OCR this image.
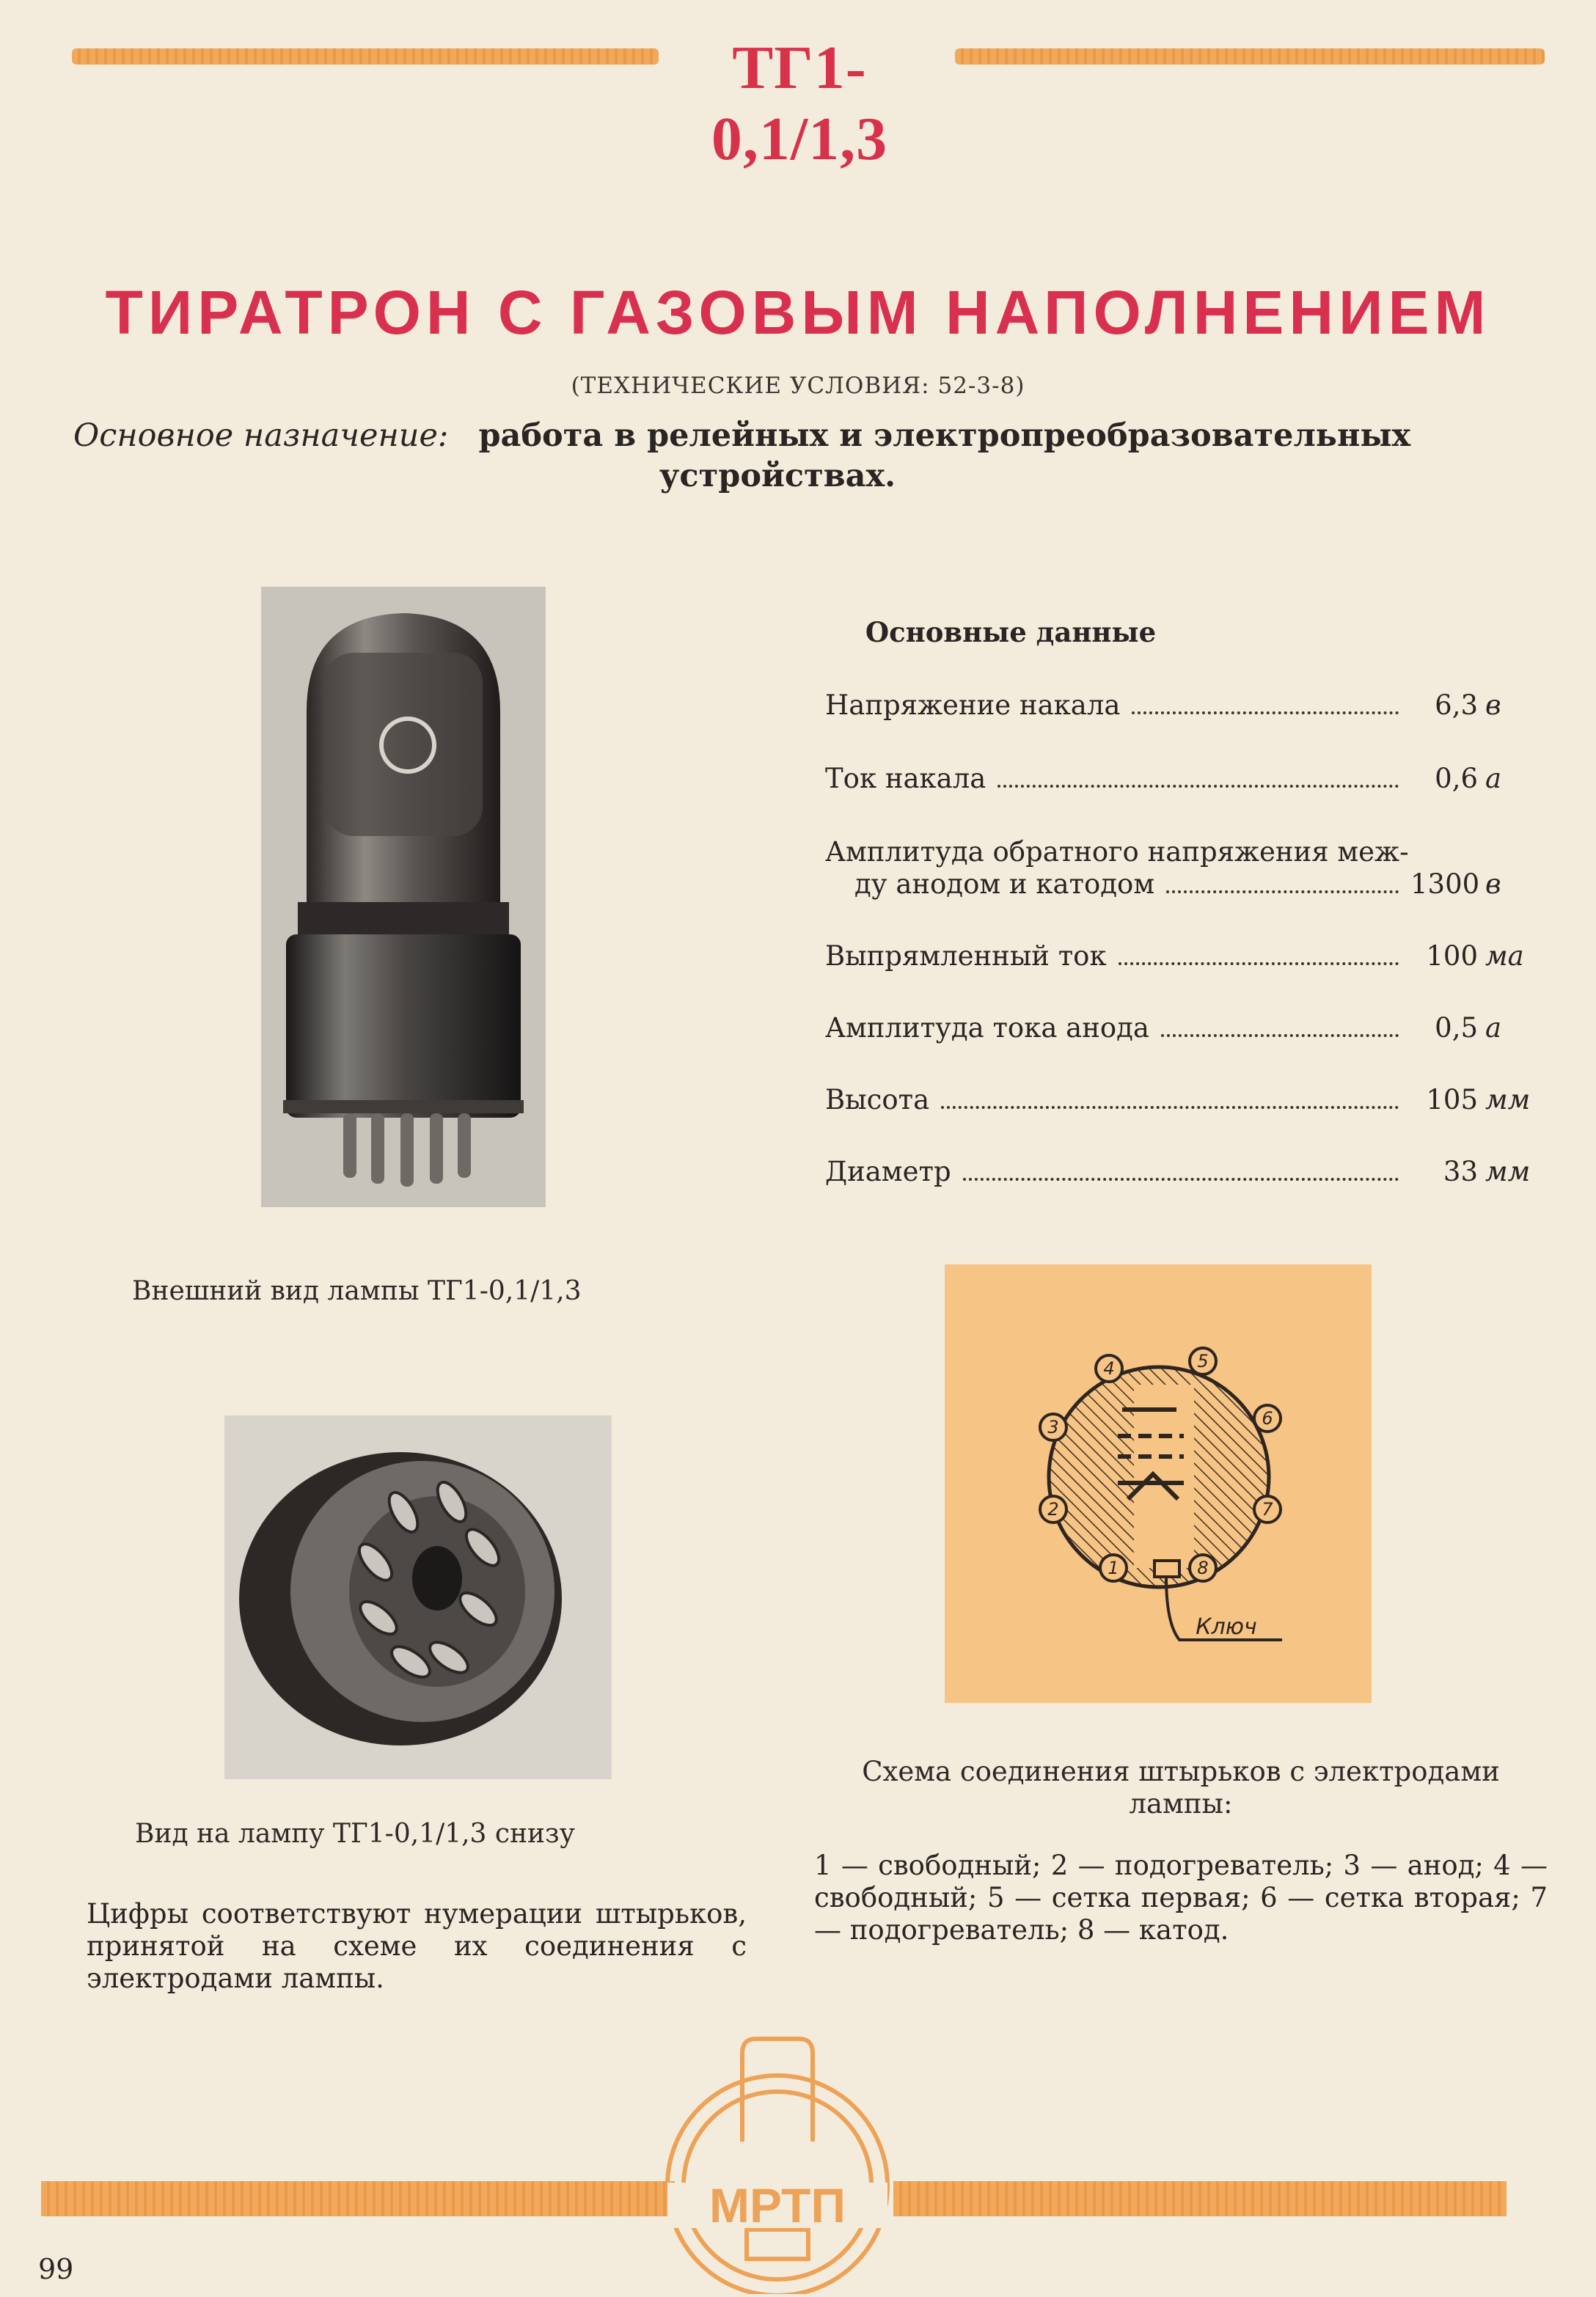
ТГ1-0,1/1,3
ТИРАТРОН С ГАЗОВЫМ НАПОЛНЕНИЕМ
(ТЕХНИЧЕСКИЕ УСЛОВИЯ: 52-3-8)
Основное назначение: работа в релейных и электропреобразовательных
устройствах.
Внешний вид лампы ТГ1-0,1/1,3
Вид на лампу ТГ1-0,1/1,3 снизу
Цифры соответствуют нумерации штырьков, принятой на схеме их соединения с электродами лампы.
Основные данные
Напряжение накала	6,3 в
Ток накала	0,6 а
Амплитуда обратного напряжения меж-
ду анодом и катодом	1300 в
Выпрямленный ток	100 ма
Амплитуда тока анода	0,5 а
Высота	105 мм
Диаметр	33 мм
1
2
3
4	5
6
7
8
Ключ
Схема соединения штырьков с электродами лампы:
1 — свободный; 2 — подогреватель; 3 — анод; 4 — свободный; 5 — сетка первая; 6 — сетка вторая; 7 — подогреватель; 8 — катод.
МРТП
99
